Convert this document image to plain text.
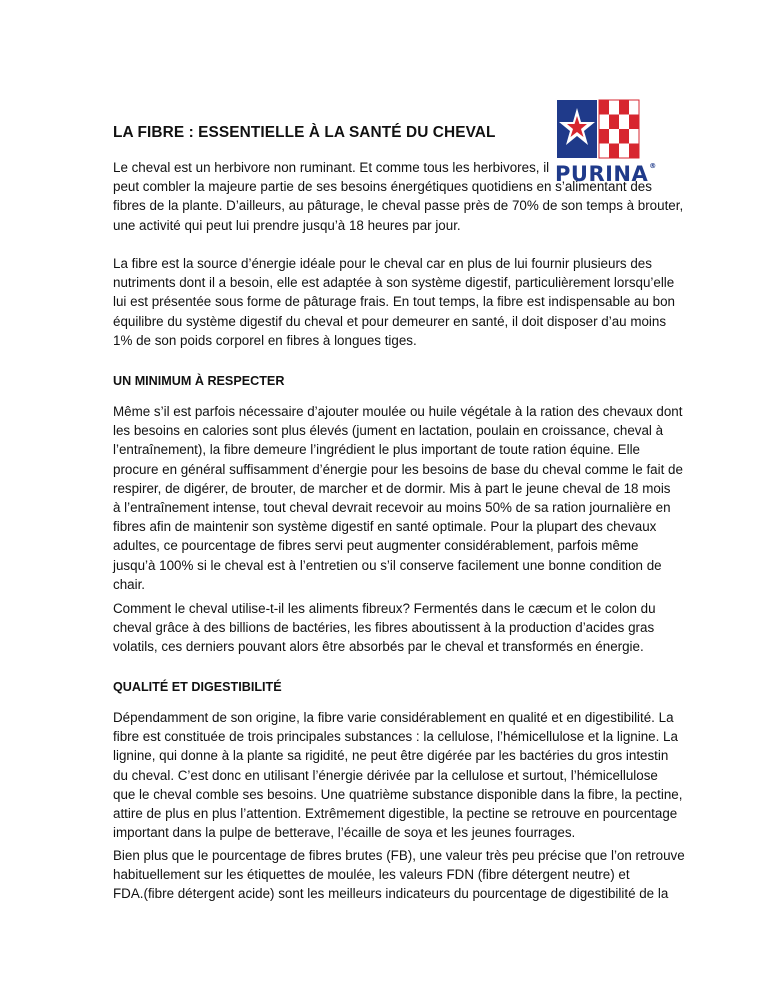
PURINA®
LA FIBRE : ESSENTIELLE À LA SANTÉ DU CHEVAL

Le cheval est un herbivore non ruminant. Et comme tous les herbivores, il
peut combler la majeure partie de ses besoins énergétiques quotidiens en s’alimentant des
fibres de la plante. D’ailleurs, au pâturage, le cheval passe près de 70% de son temps à brouter,
une activité qui peut lui prendre jusqu’à 18 heures par jour.

La fibre est la source d’énergie idéale pour le cheval car en plus de lui fournir plusieurs des
nutriments dont il a besoin, elle est adaptée à son système digestif, particulièrement lorsqu’elle
lui est présentée sous forme de pâturage frais. En tout temps, la fibre est indispensable au bon
équilibre du système digestif du cheval et pour demeurer en santé, il doit disposer d’au moins
1% de son poids corporel en fibres à longues tiges.

UN MINIMUM À RESPECTER

Même s’il est parfois nécessaire d’ajouter moulée ou huile végétale à la ration des chevaux dont
les besoins en calories sont plus élevés (jument en lactation, poulain en croissance, cheval à
l’entraînement), la fibre demeure l’ingrédient le plus important de toute ration équine. Elle
procure en général suffisamment d’énergie pour les besoins de base du cheval comme le fait de
respirer, de digérer, de brouter, de marcher et de dormir. Mis à part le jeune cheval de 18 mois
à l’entraînement intense, tout cheval devrait recevoir au moins 50% de sa ration journalière en
fibres afin de maintenir son système digestif en santé optimale. Pour la plupart des chevaux
adultes, ce pourcentage de fibres servi peut augmenter considérablement, parfois même
jusqu’à 100% si le cheval est à l’entretien ou s’il conserve facilement une bonne condition de
chair.

Comment le cheval utilise-t-il les aliments fibreux? Fermentés dans le cæcum et le colon du
cheval grâce à des billions de bactéries, les fibres aboutissent à la production d’acides gras
volatils, ces derniers pouvant alors être absorbés par le cheval et transformés en énergie.

QUALITÉ ET DIGESTIBILITÉ

Dépendamment de son origine, la fibre varie considérablement en qualité et en digestibilité. La
fibre est constituée de trois principales substances : la cellulose, l’hémicellulose et la lignine. La
lignine, qui donne à la plante sa rigidité, ne peut être digérée par les bactéries du gros intestin
du cheval. C’est donc en utilisant l’énergie dérivée par la cellulose et surtout, l’hémicellulose
que le cheval comble ses besoins. Une quatrième substance disponible dans la fibre, la pectine,
attire de plus en plus l’attention. Extrêmement digestible, la pectine se retrouve en pourcentage
important dans la pulpe de betterave, l’écaille de soya et les jeunes fourrages.

Bien plus que le pourcentage de fibres brutes (FB), une valeur très peu précise que l’on retrouve
habituellement sur les étiquettes de moulée, les valeurs FDN (fibre détergent neutre) et
FDA.(fibre détergent acide) sont les meilleurs indicateurs du pourcentage de digestibilité de la
